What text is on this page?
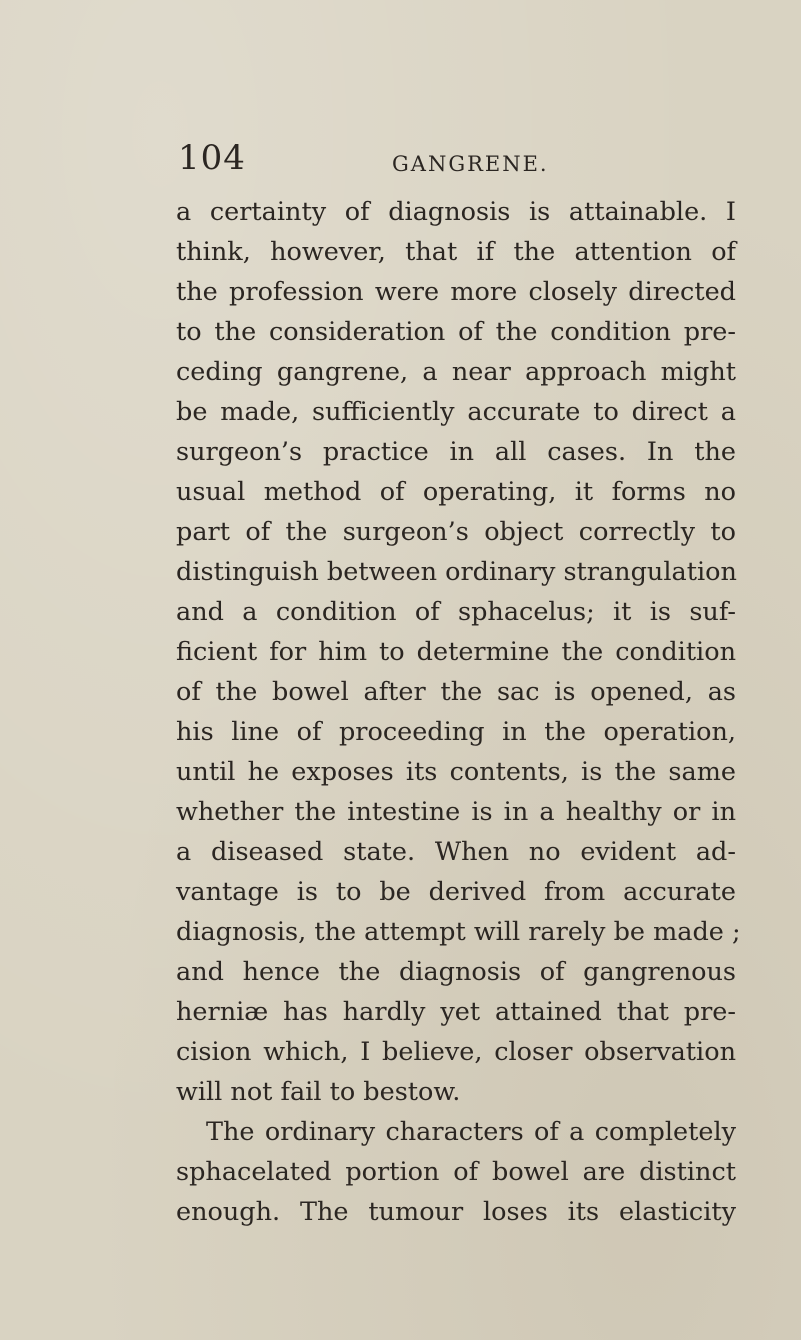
104	GANGRENE.
a certainty of diagnosis is attainable. I
think, however, that if the attention of
the profession were more closely directed
to the consideration of the condition pre-
ceding gangrene, a near approach might
be made, sufficiently accurate to direct a
surgeon’s practice in all cases. In the
usual method of operating, it forms no
part of the surgeon’s object correctly to
distinguish between ordinary strangulation
and a condition of sphacelus; it is suf-
ficient for him to determine the condition
of the bowel after the sac is opened, as
his line of proceeding in the operation,
until he exposes its contents, is the same
whether the intestine is in a healthy or in
a diseased state. When no evident ad-
vantage is to be derived from accurate
diagnosis, the attempt will rarely be made ;
and hence the diagnosis of gangrenous
herniæ has hardly yet attained that pre-
cision which, I believe, closer observation
will not fail to bestow.
The ordinary characters of a completely
sphacelated portion of bowel are distinct
enough. The tumour loses its elasticity
